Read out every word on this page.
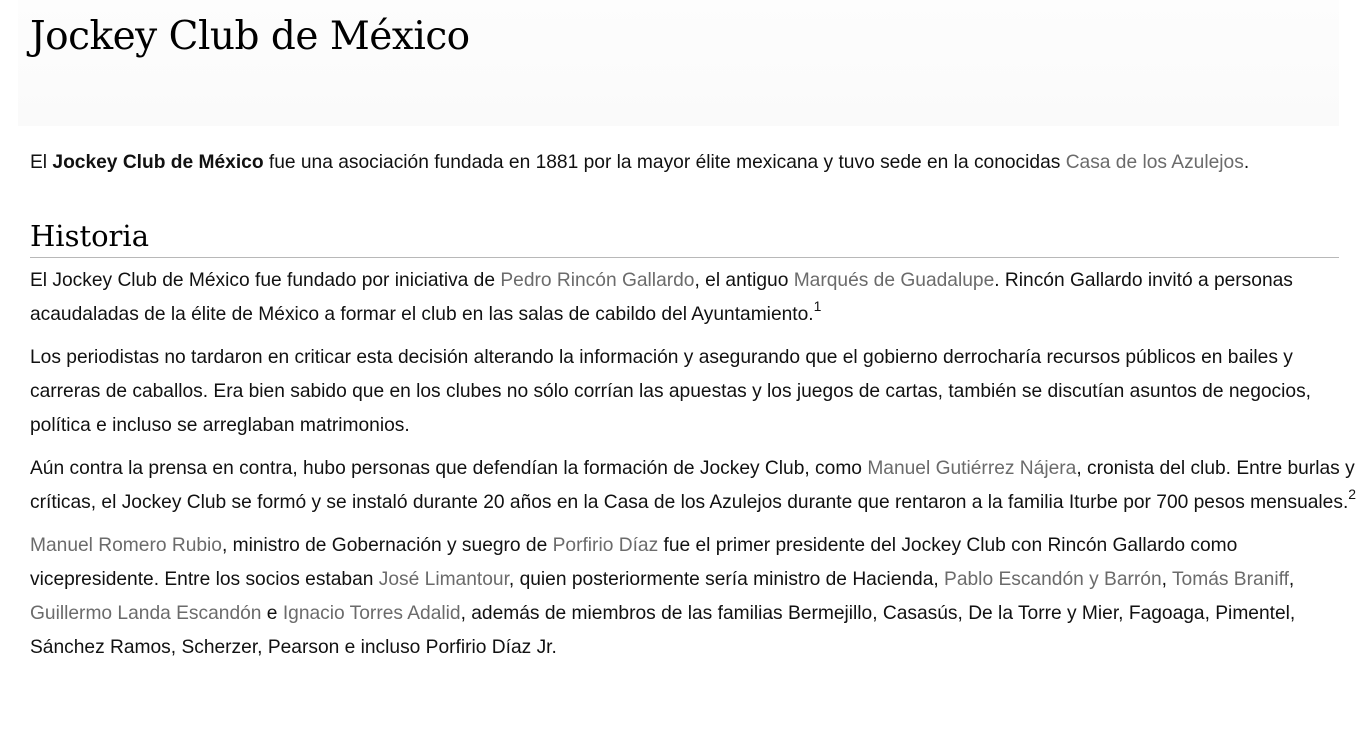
Jockey Club de México

El Jockey Club de México fue una asociación fundada en 1881 por la mayor élite mexicana y tuvo sede en la conocidas Casa de los Azulejos.

Historia

El Jockey Club de México fue fundado por iniciativa de Pedro Rincón Gallardo, el antiguo Marqués de Guadalupe. Rincón Gallardo invitó a personas acaudaladas de la élite de México a formar el club en las salas de cabildo del Ayuntamiento.$^1$

Los periodistas no tardaron en criticar esta decisión alterando la información y asegurando que el gobierno derrocharía recursos públicos en bailes y carreras de caballos. Era bien sabido que en los clubes no sólo corrían las apuestas y los juegos de cartas, también se discutían asuntos de negocios, política e incluso se arreglaban matrimonios.

Aún contra la prensa en contra, hubo personas que defendían la formación de Jockey Club, como Manuel Gutiérrez Nájera, cronista del club. Entre burlas y críticas, el Jockey Club se formó y se instaló durante 20 años en la Casa de los Azulejos durante que rentaron a la familia Iturbe por 700 pesos mensuales.$^2$

Manuel Romero Rubio, ministro de Gobernación y suegro de Porfirio Díaz fue el primer presidente del Jockey Club con Rincón Gallardo como vicepresidente. Entre los socios estaban José Limantour, quien posteriormente sería ministro de Hacienda, Pablo Escandón y Barrón, Tomás Braniff, Guillermo Landa Escandón e Ignacio Torres Adalid, además de miembros de las familias Bermejillo, Casasús, De la Torre y Mier, Fagoaga, Pimentel, Sánchez Ramos, Scherzer, Pearson e incluso Porfirio Díaz Jr.
